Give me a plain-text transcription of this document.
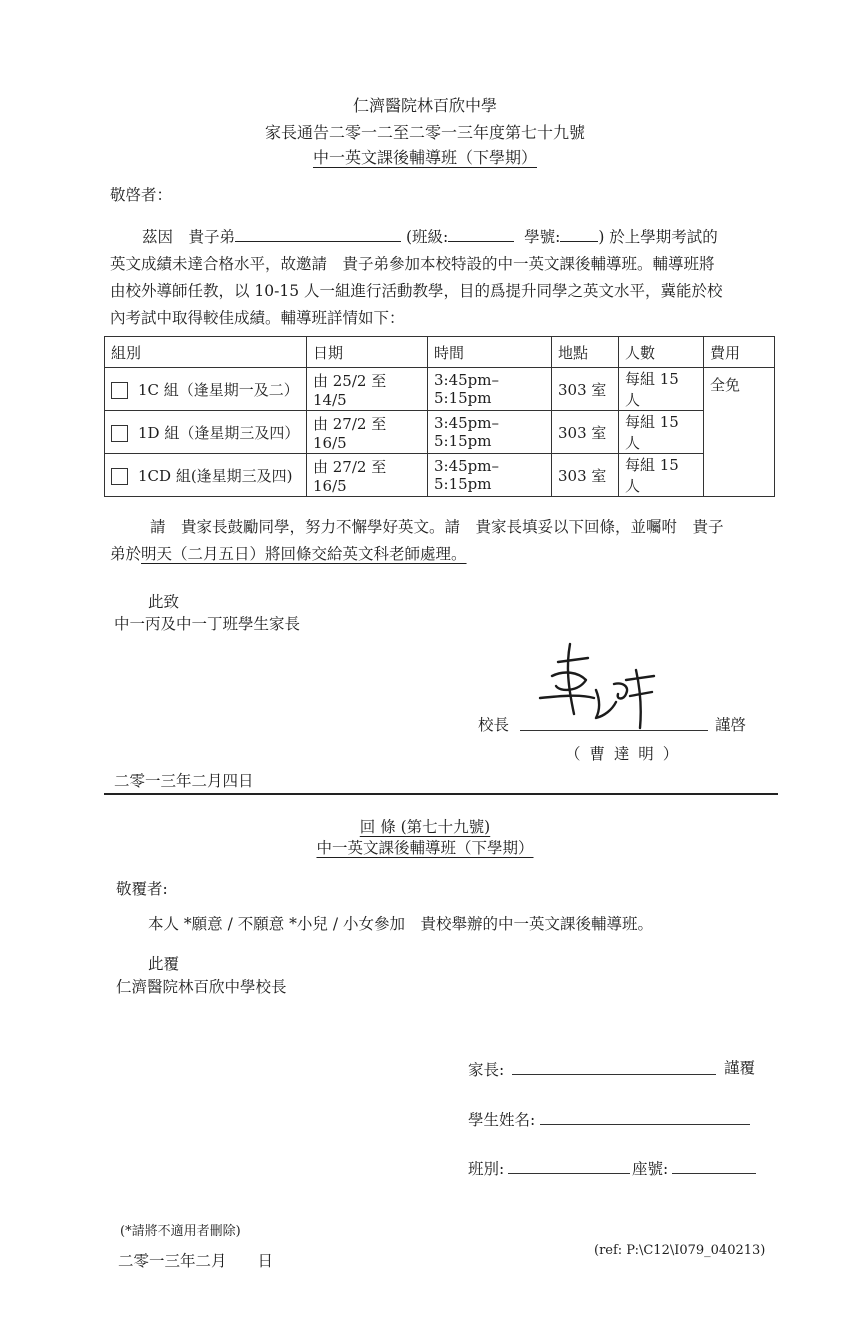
仁濟醫院林百欣中學
家長通告二零一二至二零一三年度第七十九號
中一英文課後輔導班（下學期）
敬啓者：
茲因　貴子弟	(班級:	學號: ) 於上學期考試的
英文成績未達合格水平，故邀請　貴子弟參加本校特設的中一英文課後輔導班。輔導班將
由校外導師任教，以 10-15 人一組進行活動教學，目的爲提升同學之英文水平，冀能於校
內考試中取得較佳成績。輔導班詳情如下：
組別	日期	時間	地點	人數	費用
1C 組（逢星期一及二）	由 25/2 至 14/5	3:45pm–5:15pm	303 室	每組 15 人	全免
1D 組（逢星期三及四）	由 27/2 至 16/5	3:45pm–5:15pm	303 室	每組 15 人	
1CD 組(逢星期三及四)	由 27/2 至 16/5	3:45pm–5:15pm	303 室	每組 15 人	
請　貴家長鼓勵同學，努力不懈學好英文。請　貴家長填妥以下回條，並囑咐　貴子
弟於明天（二月五日）將回條交給英文科老師處理。
此致
中一丙及中一丁班學生家長
校長	謹啓
（ 曹 達 明 ）
二零一三年二月四日
回 條 (第七十九號)
中一英文課後輔導班（下學期）
敬覆者:
本人 *願意 / 不願意 *小兒 / 小女參加　貴校舉辦的中一英文課後輔導班。
此覆
仁濟醫院林百欣中學校長
家長:	謹覆
學生姓名:
班別:	座號:
(*請將不適用者刪除)
二零一三年二月　　日
(ref: P:\C12\I079_040213)
